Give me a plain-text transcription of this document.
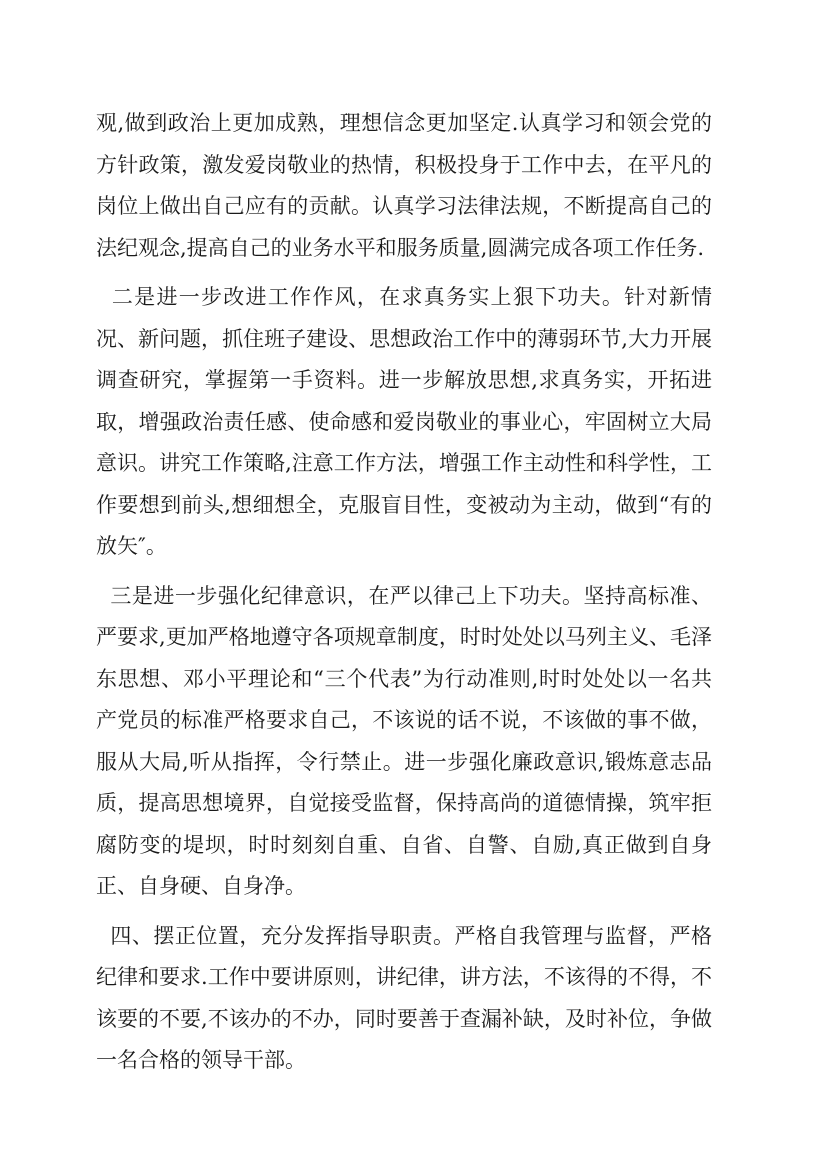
观,做到政治上更加成熟，理想信念更加坚定.认真学习和领会党的方针政策，激发爱岗敬业的热情，积极投身于工作中去，在平凡的岗位上做出自己应有的贡献。认真学习法律法规，不断提高自己的法纪观念,提高自己的业务水平和服务质量,圆满完成各项工作任务.

二是进一步改进工作作风，在求真务实上狠下功夫。针对新情况、新问题，抓住班子建设、思想政治工作中的薄弱环节,大力开展调查研究，掌握第一手资料。进一步解放思想,求真务实，开拓进取，增强政治责任感、使命感和爱岗敬业的事业心，牢固树立大局意识。讲究工作策略,注意工作方法，增强工作主动性和科学性，工作要想到前头,想细想全，克服盲目性，变被动为主动，做到“有的放矢″。

三是进一步强化纪律意识，在严以律己上下功夫。坚持高标准、严要求,更加严格地遵守各项规章制度，时时处处以马列主义、毛泽东思想、邓小平理论和“三个代表”为行动准则,时时处处以一名共产党员的标准严格要求自己，不该说的话不说，不该做的事不做，服从大局,听从指挥，令行禁止。进一步强化廉政意识,锻炼意志品质，提高思想境界，自觉接受监督，保持高尚的道德情操，筑牢拒腐防变的堤坝，时时刻刻自重、自省、自警、自励,真正做到自身正、自身硬、自身净。

四、摆正位置，充分发挥指导职责。严格自我管理与监督，严格纪律和要求.工作中要讲原则，讲纪律，讲方法，不该得的不得，不该要的不要,不该办的不办，同时要善于查漏补缺，及时补位，争做一名合格的领导干部。
